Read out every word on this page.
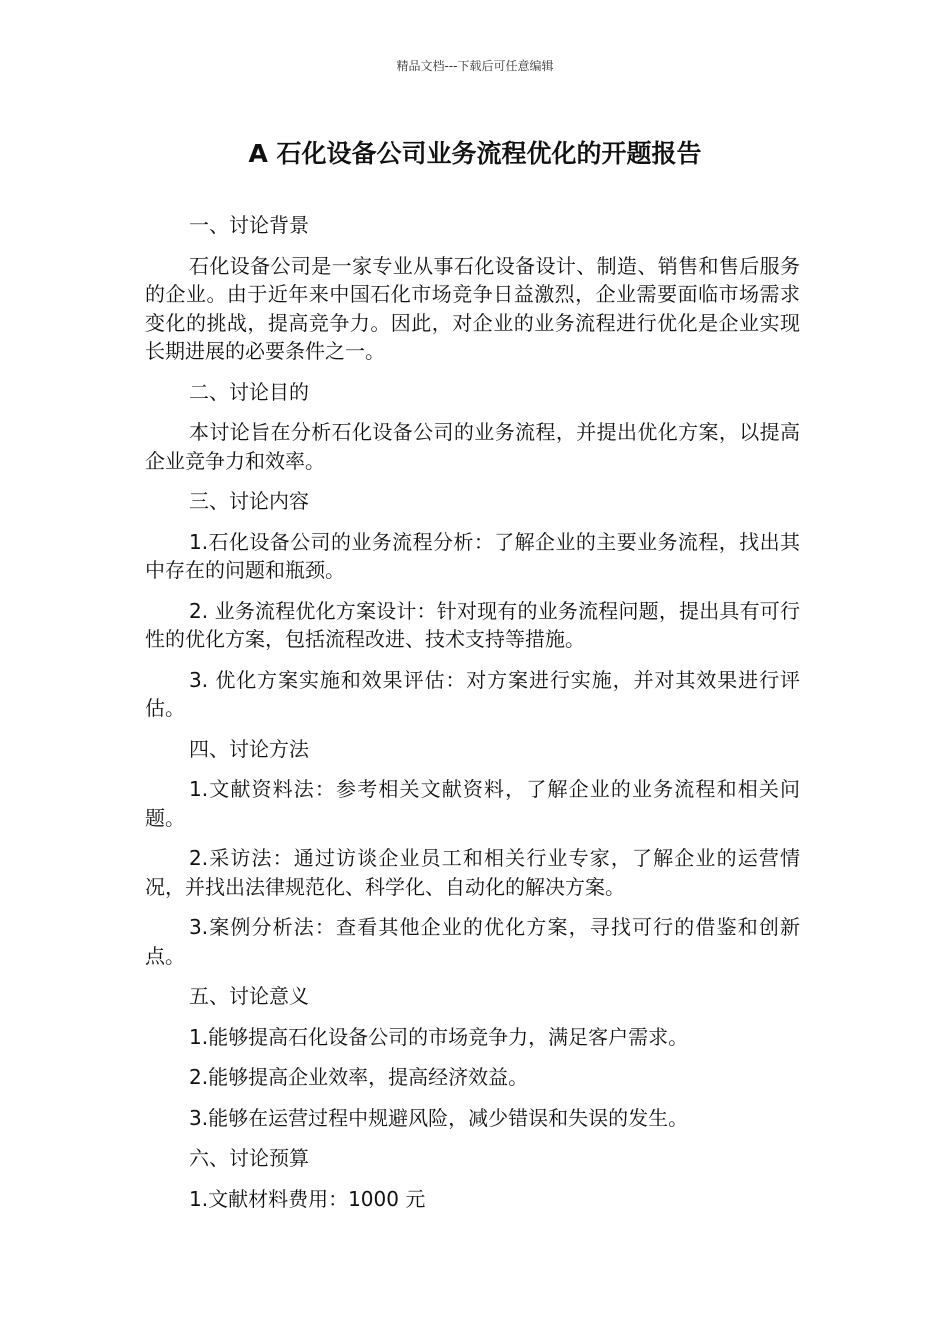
精品文档---下载后可任意编辑
A 石化设备公司业务流程优化的开题报告

一、讨论背景

石化设备公司是一家专业从事石化设备设计、制造、销售和售后服务的企业。由于近年来中国石化市场竞争日益激烈，企业需要面临市场需求变化的挑战，提高竞争力。因此，对企业的业务流程进行优化是企业实现长期进展的必要条件之一。

二、讨论目的

本讨论旨在分析石化设备公司的业务流程，并提出优化方案，以提高企业竞争力和效率。

三、讨论内容

1.石化设备公司的业务流程分析：了解企业的主要业务流程，找出其中存在的问题和瓶颈。

2. 业务流程优化方案设计：针对现有的业务流程问题，提出具有可行性的优化方案，包括流程改进、技术支持等措施。

3. 优化方案实施和效果评估：对方案进行实施，并对其效果进行评估。

四、讨论方法

1.文献资料法：参考相关文献资料，了解企业的业务流程和相关问题。

2.采访法：通过访谈企业员工和相关行业专家，了解企业的运营情况，并找出法律规范化、科学化、自动化的解决方案。

3.案例分析法：查看其他企业的优化方案，寻找可行的借鉴和创新点。

五、讨论意义

1.能够提高石化设备公司的市场竞争力，满足客户需求。

2.能够提高企业效率，提高经济效益。

3.能够在运营过程中规避风险，减少错误和失误的发生。

六、讨论预算

1.文献材料费用：1000 元
